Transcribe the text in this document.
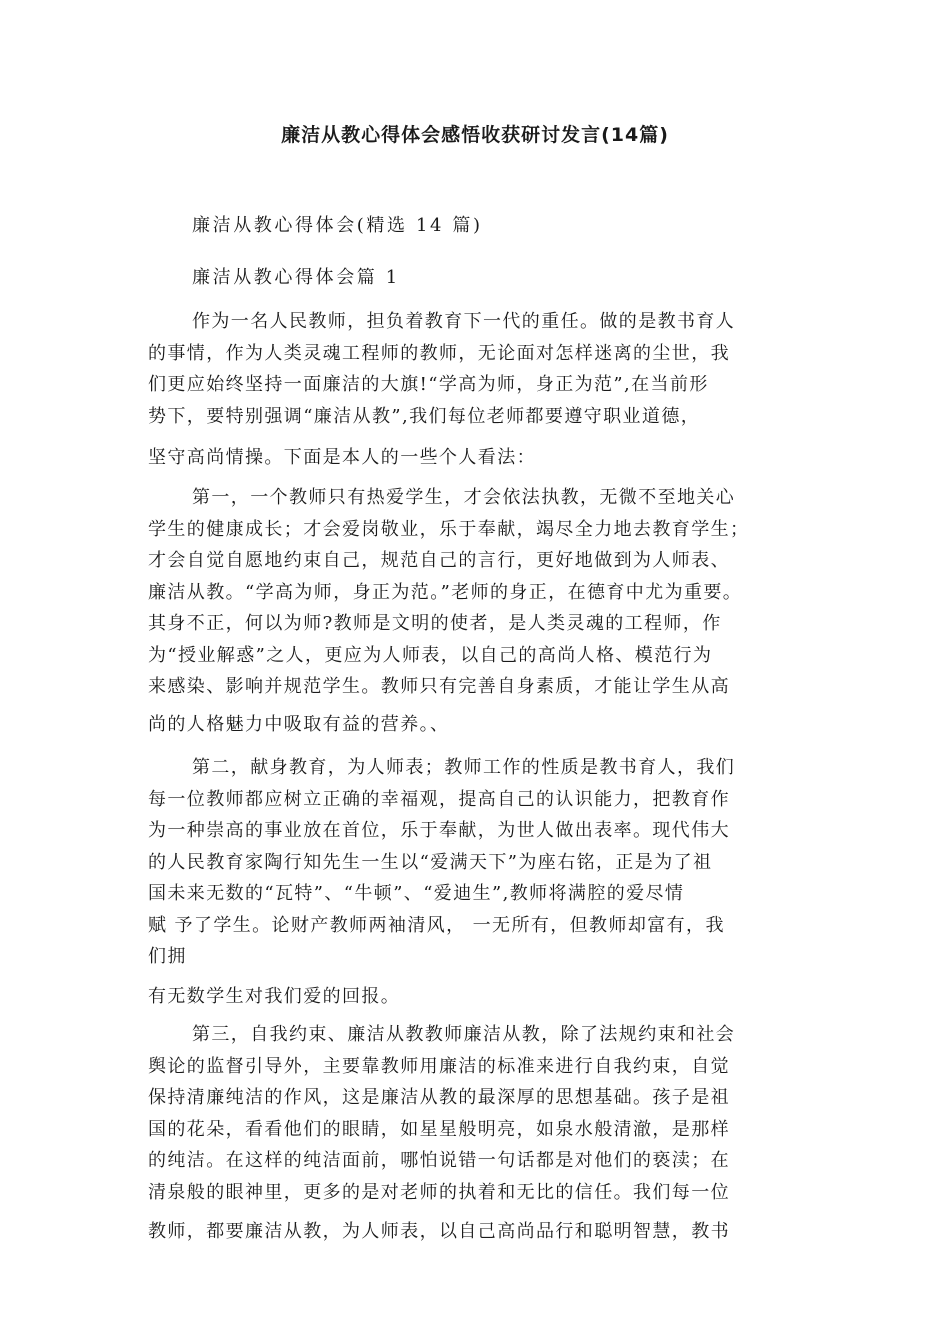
廉洁从教心得体会感悟收获研讨发言(14篇)
廉洁从教心得体会(精选 14 篇)
廉洁从教心得体会篇 1
作为一名人民教师，担负着教育下一代的重任。做的是教书育人
的事情，作为人类灵魂工程师的教师，无论面对怎样迷离的尘世，我
们更应始终坚持一面廉洁的大旗!“学高为师，身正为范”,在当前形
势下，要特别强调“廉洁从教”,我们每位老师都要遵守职业道德，
坚守高尚情操。下面是本人的一些个人看法：
第一，一个教师只有热爱学生，才会依法执教，无微不至地关心
学生的健康成长；才会爱岗敬业，乐于奉献，竭尽全力地去教育学生；
才会自觉自愿地约束自己，规范自己的言行，更好地做到为人师表、
廉洁从教。“学高为师，身正为范。”老师的身正，在德育中尤为重要。
其身不正，何以为师?教师是文明的使者，是人类灵魂的工程师，作
为“授业解惑”之人，更应为人师表，以自己的高尚人格、模范行为
来感染、影响并规范学生。教师只有完善自身素质，才能让学生从高
尚的人格魅力中吸取有益的营养。、
第二，献身教育，为人师表；教师工作的性质是教书育人，我们
每一位教师都应树立正确的幸福观，提高自己的认识能力，把教育作
为一种崇高的事业放在首位，乐于奉献，为世人做出表率。现代伟大
的人民教育家陶行知先生一生以“爱满天下”为座右铭，正是为了祖
国未来无数的“瓦特”、“牛顿”、“爱迪生”,教师将满腔的爱尽情
赋 予了学生。论财产教师两袖清风， 一无所有，但教师却富有，我
们拥
有无数学生对我们爱的回报。
第三，自我约束、廉洁从教教师廉洁从教，除了法规约束和社会
舆论的监督引导外，主要靠教师用廉洁的标准来进行自我约束，自觉
保持清廉纯洁的作风，这是廉洁从教的最深厚的思想基础。孩子是祖
国的花朵，看看他们的眼睛，如星星般明亮，如泉水般清澈，是那样
的纯洁。在这样的纯洁面前，哪怕说错一句话都是对他们的亵渎；在
清泉般的眼神里，更多的是对老师的执着和无比的信任。我们每一位
教师，都要廉洁从教，为人师表，以自己高尚品行和聪明智慧，教书
